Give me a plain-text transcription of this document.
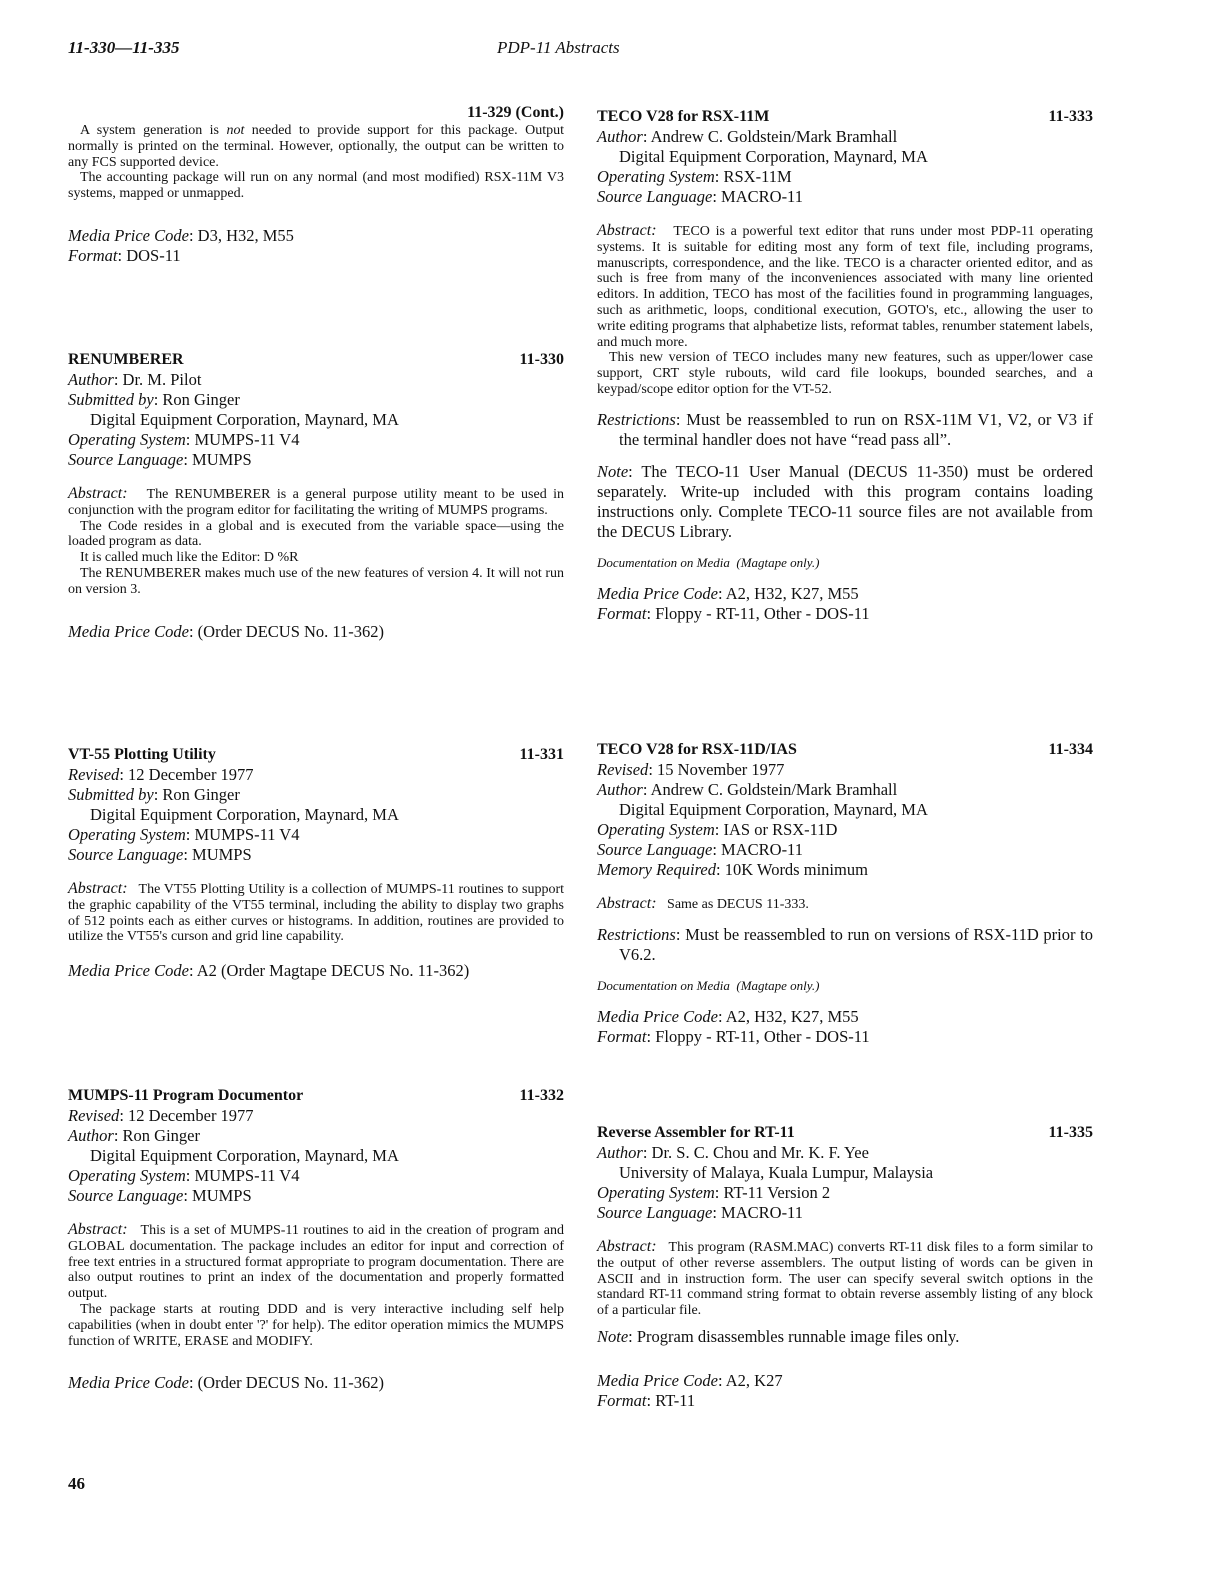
11-330—11-335	PDP-11 Abstracts
11-329 (Cont.)

A system generation is not needed to provide support for this package. Output normally is printed on the terminal. However, optionally, the output can be written to any FCS supported device.

The accounting package will run on any normal (and most modified) RSX-11M V3 systems, mapped or unmapped.

Media Price Code: D3, H32, M55
Format: DOS-11
RENUMBERER	11-330
Author: Dr. M. Pilot
Submitted by: Ron Ginger
Digital Equipment Corporation, Maynard, MA
Operating System: MUMPS-11 V4
Source Language: MUMPS

Abstract: The RENUMBERER is a general purpose utility meant to be used in conjunction with the program editor for facilitating the writing of MUMPS programs.

The Code resides in a global and is executed from the variable space—using the loaded program as data.

It is called much like the Editor: D %R

The RENUMBERER makes much use of the new features of version 4. It will not run on version 3.

Media Price Code: (Order DECUS No. 11-362)
VT-55 Plotting Utility	11-331
Revised: 12 December 1977
Submitted by: Ron Ginger
Digital Equipment Corporation, Maynard, MA
Operating System: MUMPS-11 V4
Source Language: MUMPS

Abstract: The VT55 Plotting Utility is a collection of MUMPS-11 routines to support the graphic capability of the VT55 terminal, including the ability to display two graphs of 512 points each as either curves or histograms. In addition, routines are provided to utilize the VT55's curson and grid line capability.

Media Price Code: A2 (Order Magtape DECUS No. 11-362)
MUMPS-11 Program Documentor	11-332
Revised: 12 December 1977
Author: Ron Ginger
Digital Equipment Corporation, Maynard, MA
Operating System: MUMPS-11 V4
Source Language: MUMPS

Abstract: This is a set of MUMPS-11 routines to aid in the creation of program and GLOBAL documentation. The package includes an editor for input and correction of free text entries in a structured format appropriate to program documentation. There are also output routines to print an index of the documentation and properly formatted output.

The package starts at routing DDD and is very interactive including self help capabilities (when in doubt enter '?' for help). The editor operation mimics the MUMPS function of WRITE, ERASE and MODIFY.

Media Price Code: (Order DECUS No. 11-362)
TECO V28 for RSX-11M	11-333
Author: Andrew C. Goldstein/Mark Bramhall
Digital Equipment Corporation, Maynard, MA
Operating System: RSX-11M
Source Language: MACRO-11

Abstract: TECO is a powerful text editor that runs under most PDP-11 operating systems. It is suitable for editing most any form of text file, including programs, manuscripts, correspondence, and the like. TECO is a character oriented editor, and as such is free from many of the inconveniences associated with many line oriented editors. In addition, TECO has most of the facilities found in programming languages, such as arithmetic, loops, conditional execution, GOTO's, etc., allowing the user to write editing programs that alphabetize lists, reformat tables, renumber statement labels, and much more.

This new version of TECO includes many new features, such as upper/lower case support, CRT style rubouts, wild card file lookups, bounded searches, and a keypad/scope editor option for the VT-52.

Restrictions: Must be reassembled to run on RSX-11M V1, V2, or V3 if the terminal handler does not have “read pass all”.
Note: The TECO-11 User Manual (DECUS 11-350) must be ordered separately. Write-up included with this program contains loading instructions only. Complete TECO-11 source files are not available from the DECUS Library.
Documentation on Media (Magtape only.)
Media Price Code: A2, H32, K27, M55
Format: Floppy - RT-11, Other - DOS-11
TECO V28 for RSX-11D/IAS	11-334
Revised: 15 November 1977
Author: Andrew C. Goldstein/Mark Bramhall
Digital Equipment Corporation, Maynard, MA
Operating System: IAS or RSX-11D
Source Language: MACRO-11
Memory Required: 10K Words minimum

Abstract: Same as DECUS 11-333.

Restrictions: Must be reassembled to run on versions of RSX-11D prior to V6.2.
Documentation on Media (Magtape only.)
Media Price Code: A2, H32, K27, M55
Format: Floppy - RT-11, Other - DOS-11
Reverse Assembler for RT-11	11-335
Author: Dr. S. C. Chou and Mr. K. F. Yee
University of Malaya, Kuala Lumpur, Malaysia
Operating System: RT-11 Version 2
Source Language: MACRO-11

Abstract: This program (RASM.MAC) converts RT-11 disk files to a form similar to the output of other reverse assemblers. The output listing of words can be given in ASCII and in instruction form. The user can specify several switch options in the standard RT-11 command string format to obtain reverse assembly listing of any block of a particular file.

Note: Program disassembles runnable image files only.
Media Price Code: A2, K27
Format: RT-11
46
